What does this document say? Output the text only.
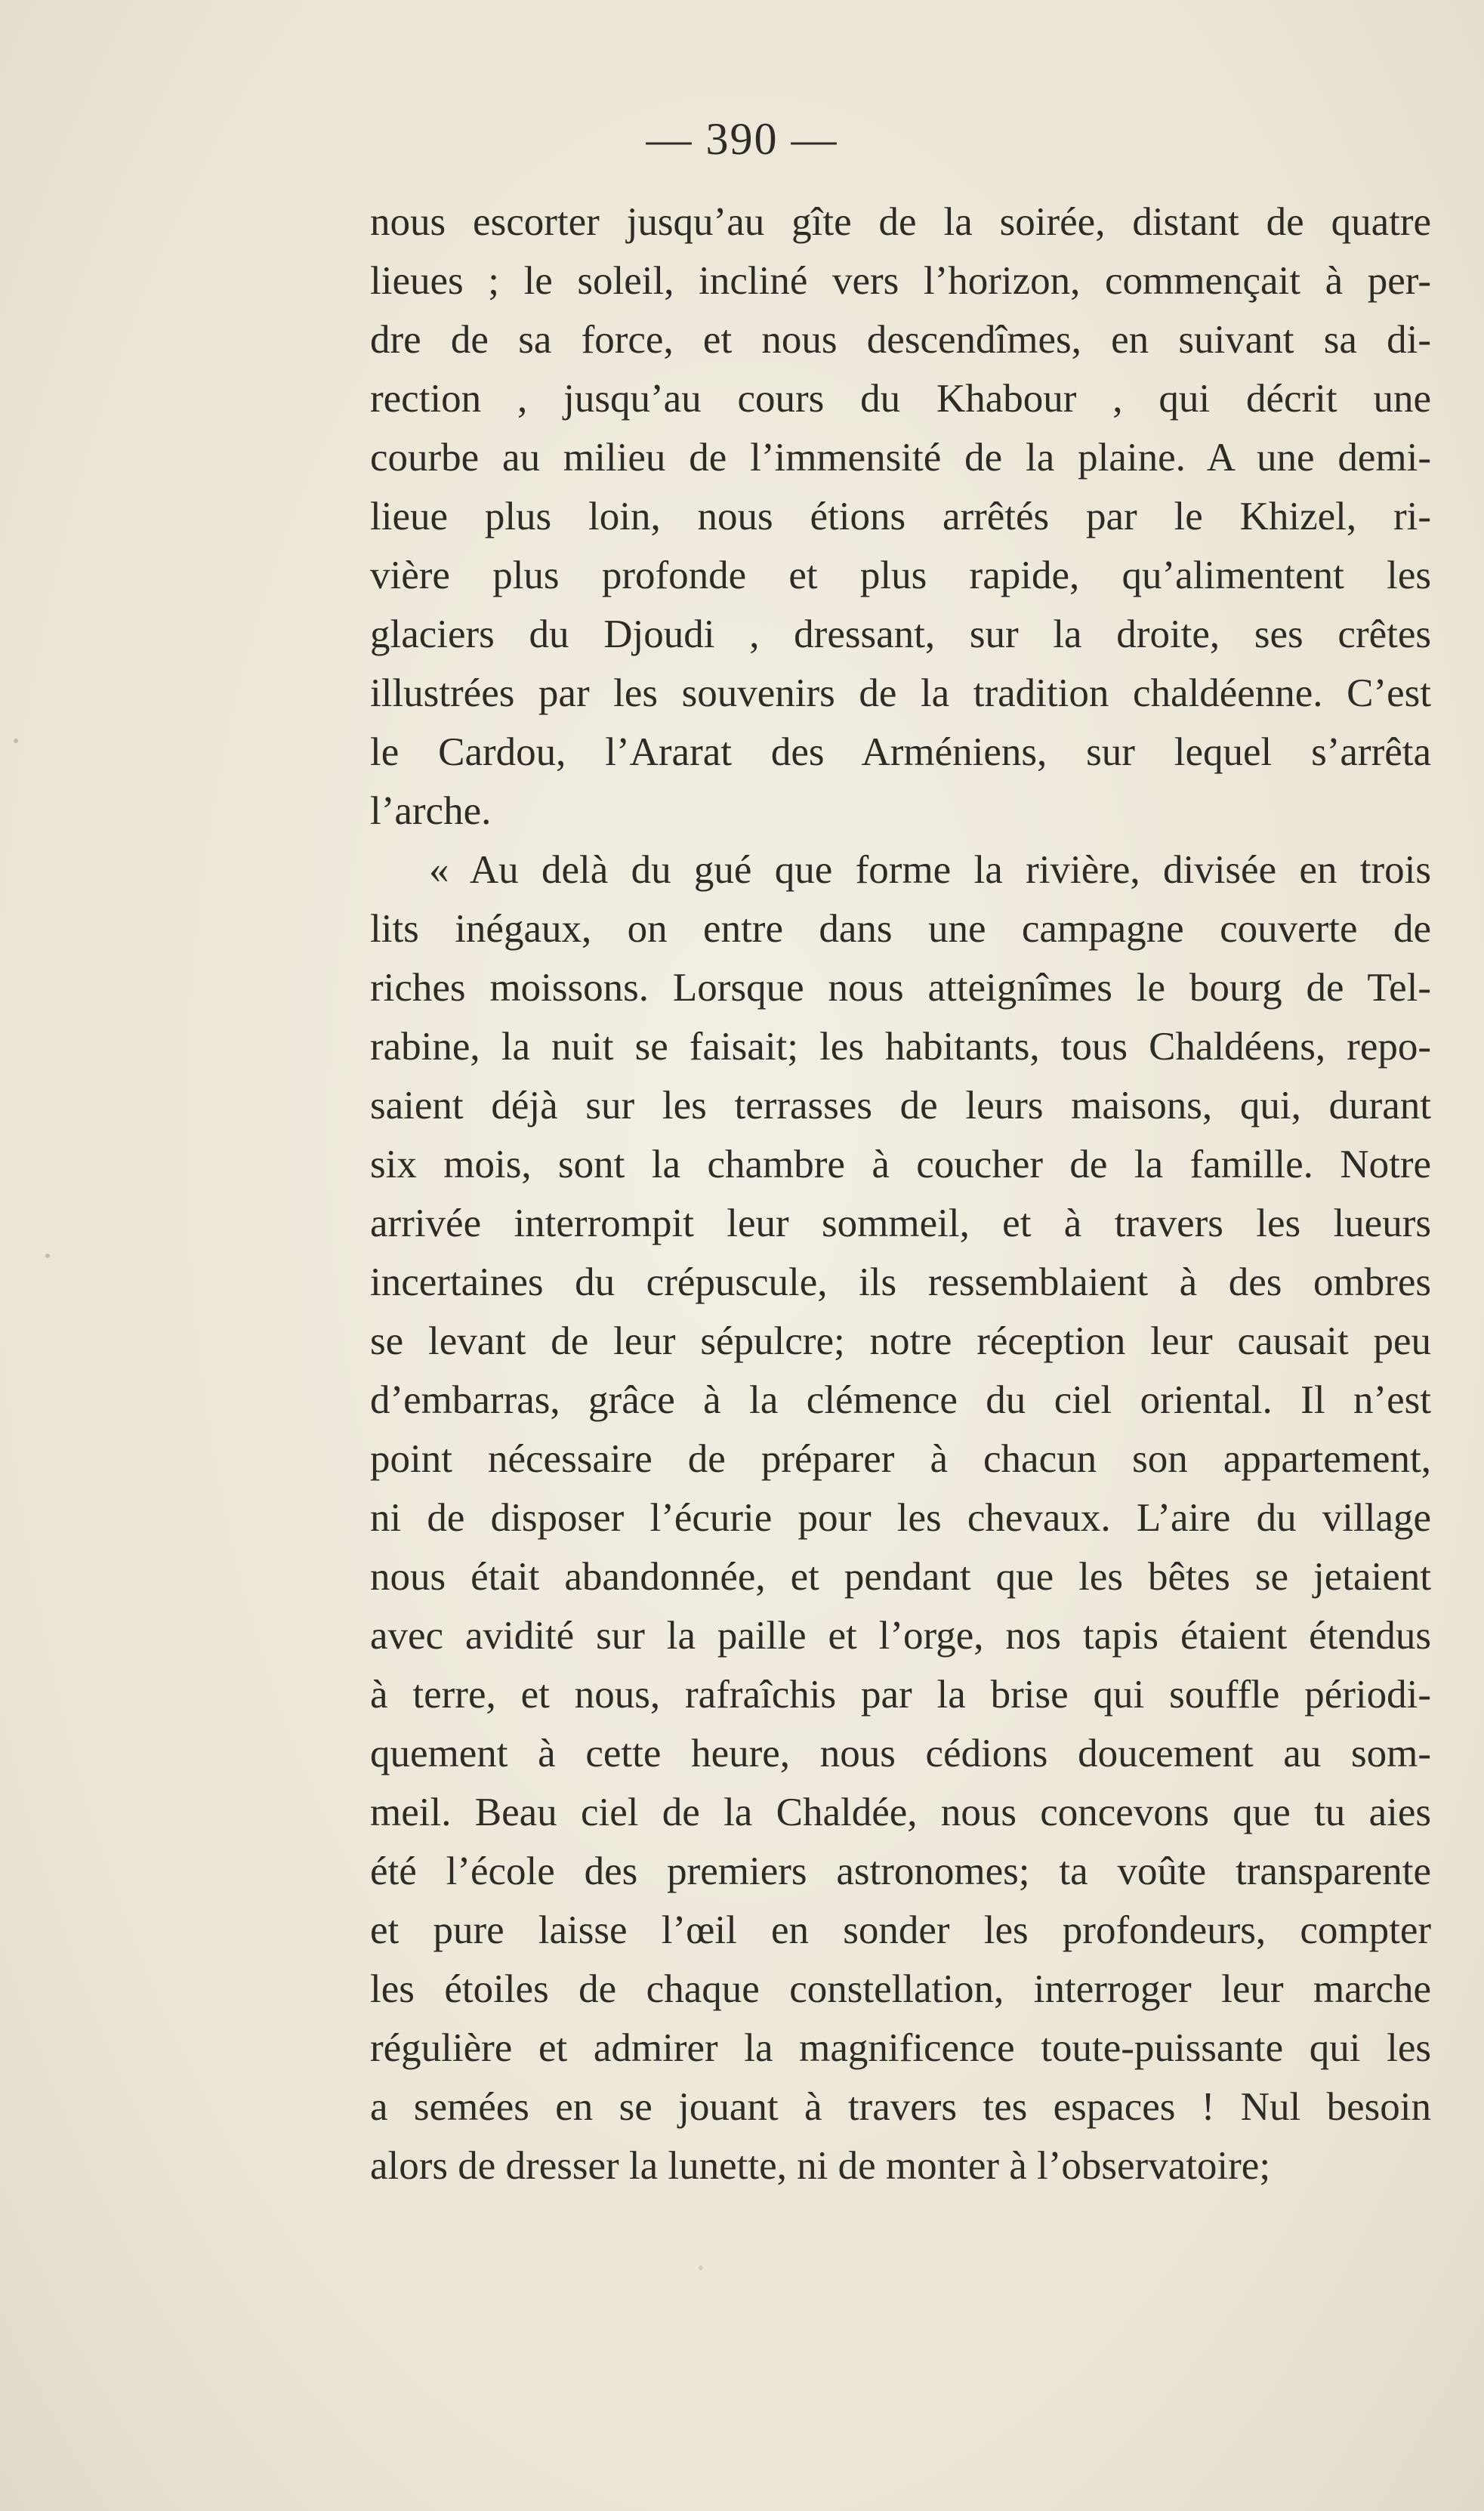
— 390 —
nous escorter jusqu’au gîte de la soirée, distant de quatre
lieues ; le soleil, incliné vers l’horizon, commençait à per-
dre de sa force, et nous descendîmes, en suivant sa di-
rection , jusqu’au cours du Khabour , qui décrit une
courbe au milieu de l’immensité de la plaine. A une demi-
lieue plus loin, nous étions arrêtés par le Khizel, ri-
vière plus profonde et plus rapide, qu’alimentent les
glaciers du Djoudi , dressant, sur la droite, ses crêtes
illustrées par les souvenirs de la tradition chaldéenne. C’est
le Cardou, l’Ararat des Arméniens, sur lequel s’arrêta
l’arche.
« Au delà du gué que forme la rivière, divisée en trois
lits inégaux, on entre dans une campagne couverte de
riches moissons. Lorsque nous atteignîmes le bourg de Tel-
rabine, la nuit se faisait; les habitants, tous Chaldéens, repo-
saient déjà sur les terrasses de leurs maisons, qui, durant
six mois, sont la chambre à coucher de la famille. Notre
arrivée interrompit leur sommeil, et à travers les lueurs
incertaines du crépuscule, ils ressemblaient à des ombres
se levant de leur sépulcre; notre réception leur causait peu
d’embarras, grâce à la clémence du ciel oriental. Il n’est
point nécessaire de préparer à chacun son appartement,
ni de disposer l’écurie pour les chevaux. L’aire du village
nous était abandonnée, et pendant que les bêtes se jetaient
avec avidité sur la paille et l’orge, nos tapis étaient étendus
à terre, et nous, rafraîchis par la brise qui souffle périodi-
quement à cette heure, nous cédions doucement au som-
meil. Beau ciel de la Chaldée, nous concevons que tu aies
été l’école des premiers astronomes; ta voûte transparente
et pure laisse l’œil en sonder les profondeurs, compter
les étoiles de chaque constellation, interroger leur marche
régulière et admirer la magnificence toute-puissante qui les
a semées en se jouant à travers tes espaces ! Nul besoin
alors de dresser la lunette, ni de monter à l’observatoire;
